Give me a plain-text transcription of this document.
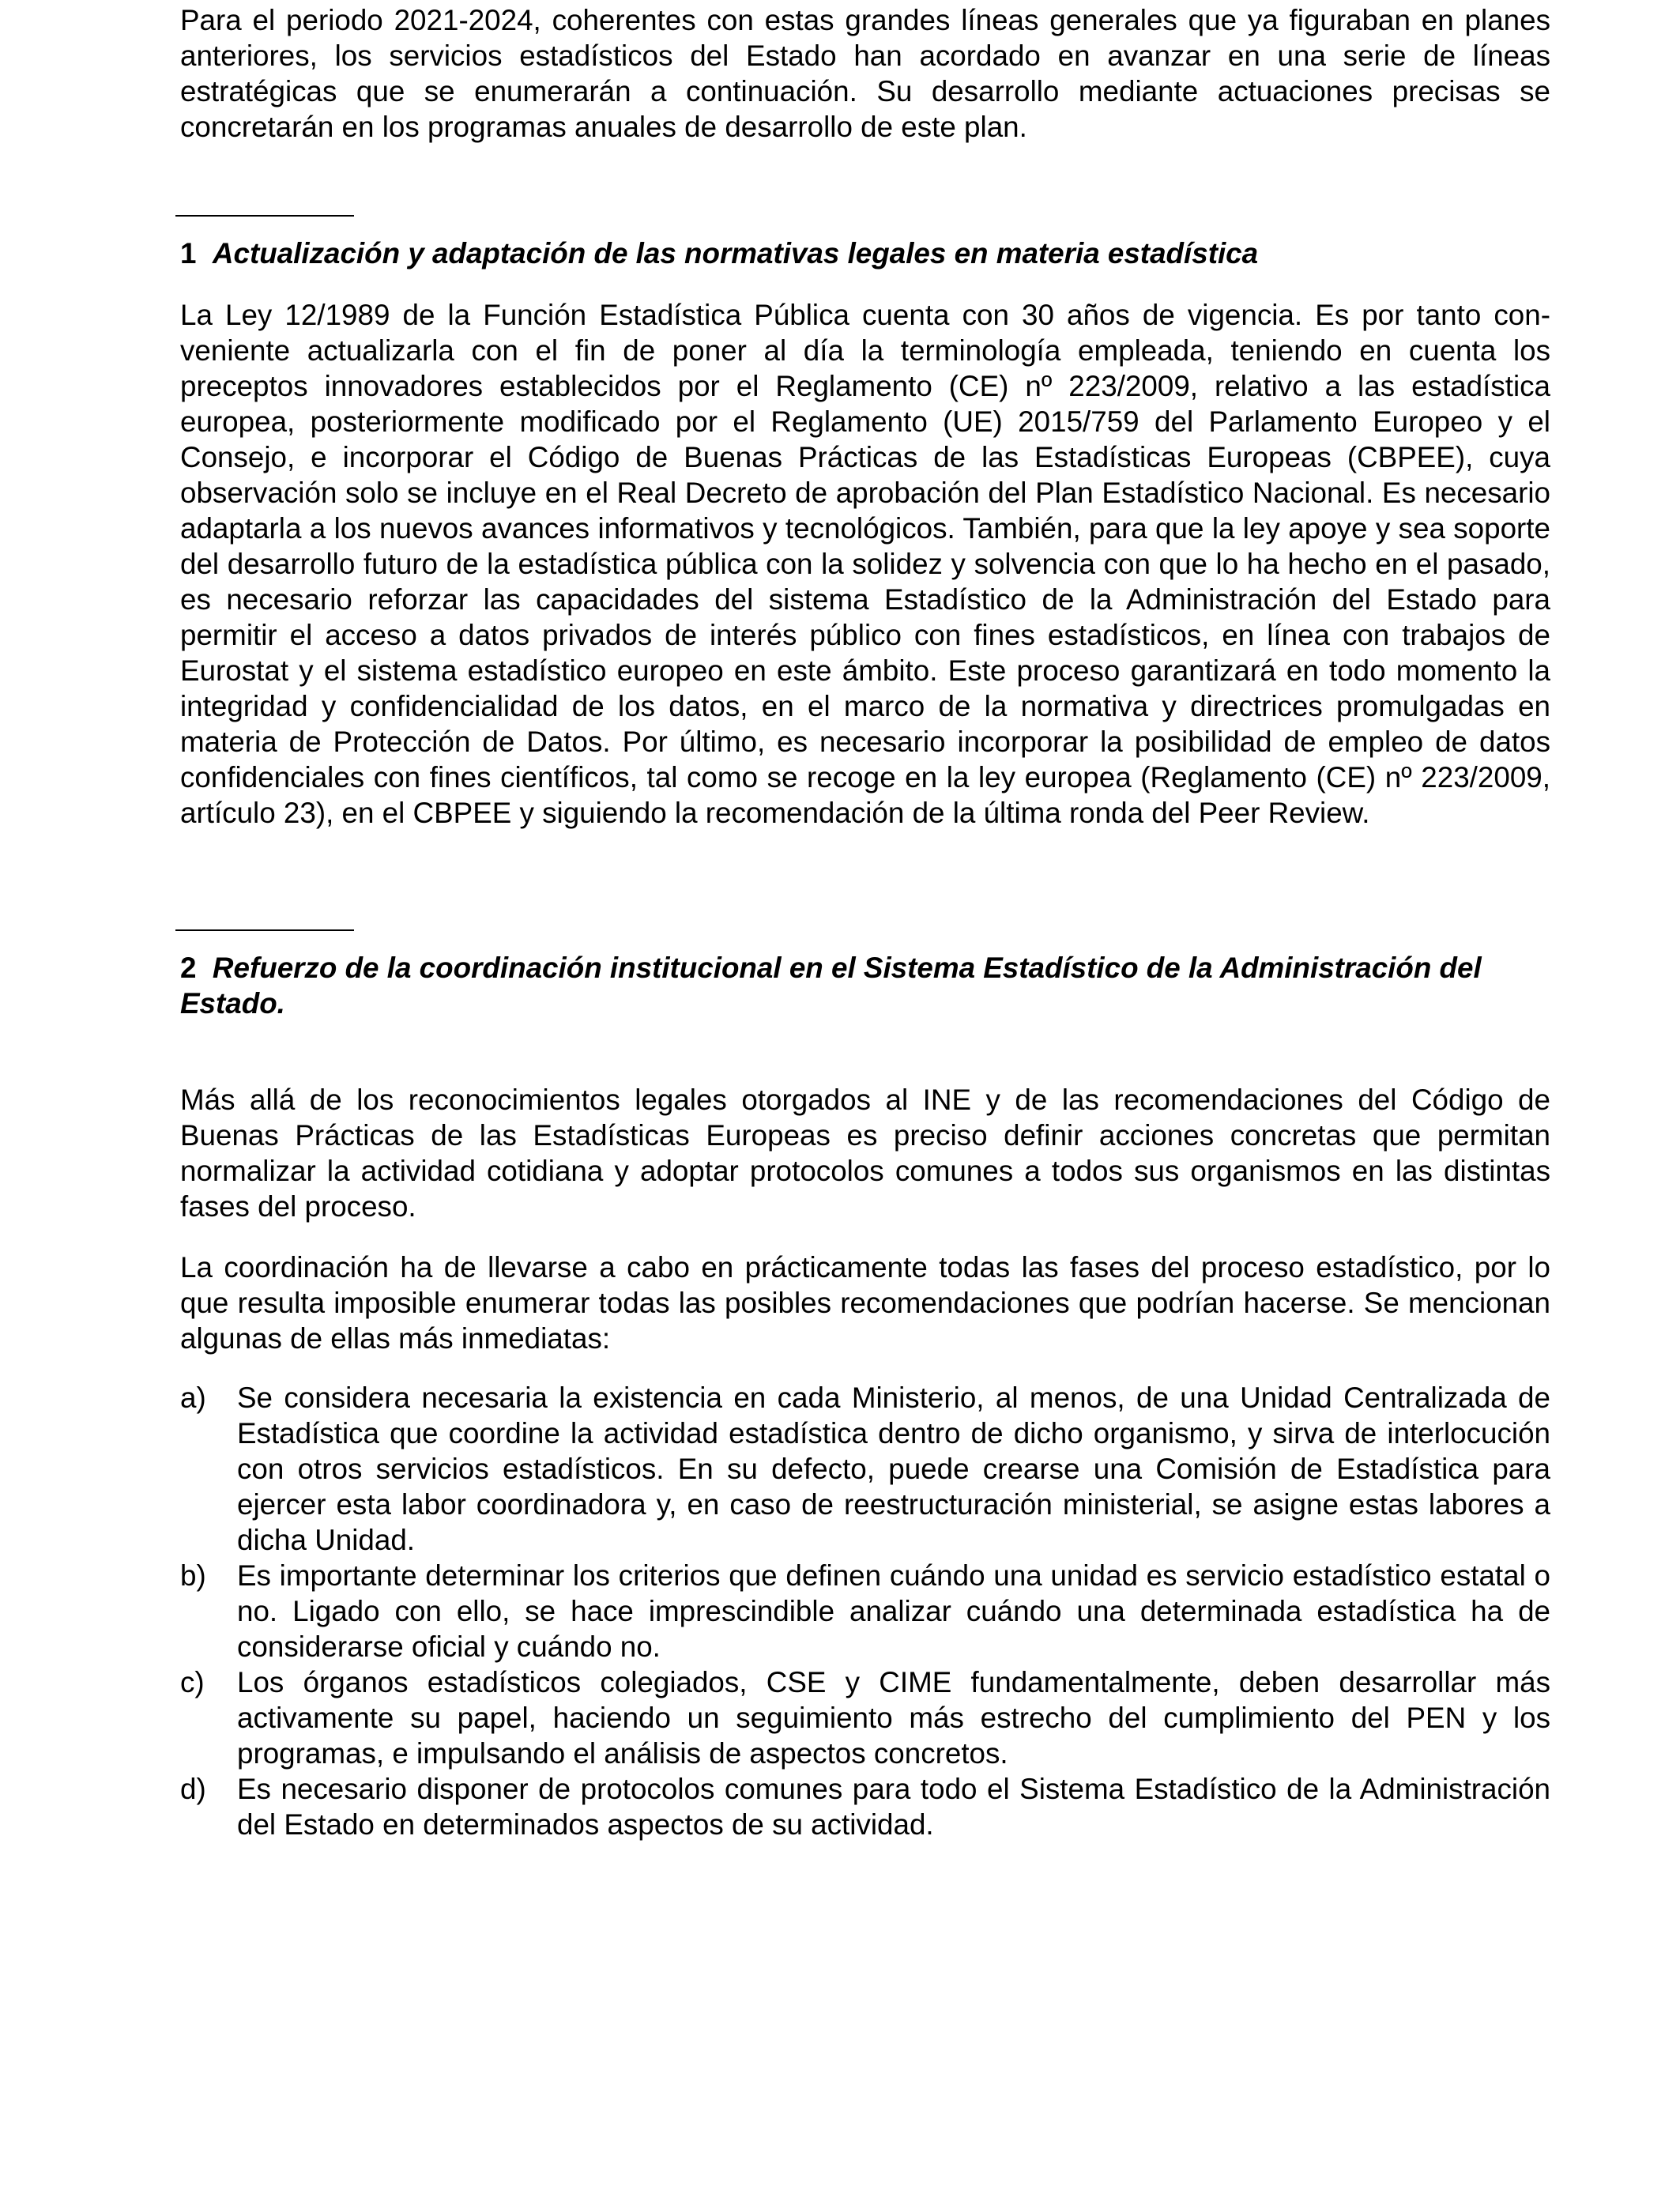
Para el periodo 2021-2024, coherentes con estas grandes líneas generales que ya figuraban en planes anteriores, los servicios estadísticos del Estado han acordado en avanzar en una serie de líneas estratégicas que se enumerarán a continuación. Su desarrollo mediante actuaciones precisas se concretarán en los programas anuales de desarrollo de este plan.

1 Actualización y adaptación de las normativas legales en materia estadística

La Ley 12/1989 de la Función Estadística Pública cuenta con 30 años de vigencia. Es por tanto conveniente actualizarla con el fin de poner al día la terminología empleada, teniendo en cuenta los preceptos innovadores establecidos por el Reglamento (CE) nº 223/2009, relativo a las estadística europea, posteriormente modificado por el Reglamento (UE) 2015/759 del Parlamento Europeo y el Consejo, e incorporar el Código de Buenas Prácticas de las Estadísticas Europeas (CBPEE), cuya observación solo se incluye en el Real Decreto de aprobación del Plan Estadístico Nacional. Es necesario adaptarla a los nuevos avances informativos y tecnológicos. También, para que la ley apoye y sea soporte del desarrollo futuro de la estadística pública con la solidez y solvencia con que lo ha hecho en el pasado, es necesario reforzar las capacidades del sistema Estadístico de la Administración del Estado para permitir el acceso a datos privados de interés público con fines estadísticos, en línea con trabajos de Eurostat y el sistema estadístico europeo en este ámbito. Este proceso garantizará en todo momento la integridad y confidencialidad de los datos, en el marco de la normativa y directrices promulgadas en materia de Protección de Datos. Por último, es necesario incorporar la posibilidad de empleo de datos confidenciales con fines científicos, tal como se recoge en la ley europea (Reglamento (CE) nº 223/2009, artículo 23), en el CBPEE y siguiendo la recomendación de la última ronda del Peer Review.

2 Refuerzo de la coordinación institucional en el Sistema Estadístico de la Administración del Estado.

Más allá de los reconocimientos legales otorgados al INE y de las recomendaciones del Código de Buenas Prácticas de las Estadísticas Europeas es preciso definir acciones concretas que permitan normalizar la actividad cotidiana y adoptar protocolos comunes a todos sus organismos en las distintas fases del proceso.

La coordinación ha de llevarse a cabo en prácticamente todas las fases del proceso estadístico, por lo que resulta imposible enumerar todas las posibles recomendaciones que podrían hacerse. Se mencionan algunas de ellas más inmediatas:

a)	Se considera necesaria la existencia en cada Ministerio, al menos, de una Unidad Centralizada de Estadística que coordine la actividad estadística dentro de dicho organismo, y sirva de interlocución con otros servicios estadísticos. En su defecto, puede crearse una Comisión de Estadística para ejercer esta labor coordinadora y, en caso de reestructuración ministerial, se asigne estas labores a dicha Unidad.

b)	Es importante determinar los criterios que definen cuándo una unidad es servicio estadístico estatal o no. Ligado con ello, se hace imprescindible analizar cuándo una determinada estadística ha de considerarse oficial y cuándo no.

c)	Los órganos estadísticos colegiados, CSE y CIME fundamentalmente, deben desarrollar más activamente su papel, haciendo un seguimiento más estrecho del cumplimiento del PEN y los programas, e impulsando el análisis de aspectos concretos.

d)	Es necesario disponer de protocolos comunes para todo el Sistema Estadístico de la Administración del Estado en determinados aspectos de su actividad.
